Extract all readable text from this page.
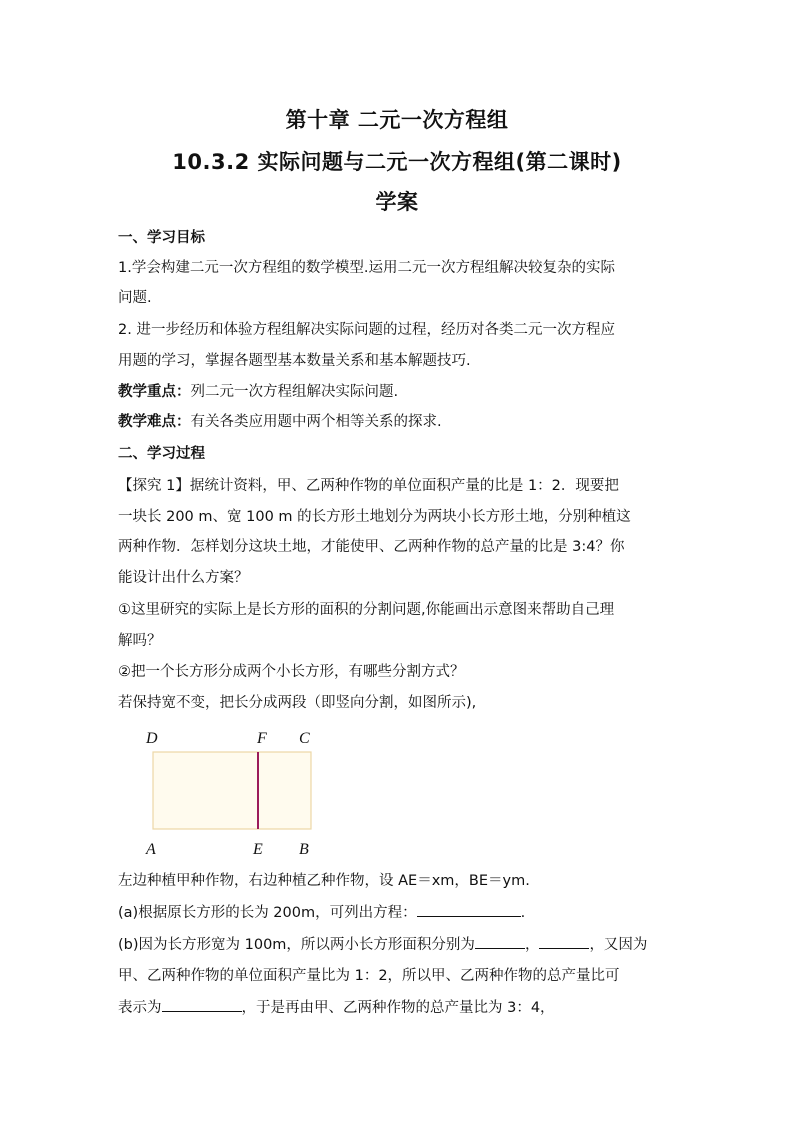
第十章 二元一次方程组
10.3.2 实际问题与二元一次方程组(第二课时)
学案
一、学习目标
1.学会构建二元一次方程组的数学模型.运用二元一次方程组解决较复杂的实际
问题.
2. 进一步经历和体验方程组解决实际问题的过程，经历对各类二元一次方程应
用题的学习，掌握各题型基本数量关系和基本解题技巧.
教学重点：列二元一次方程组解决实际问题.
教学难点：有关各类应用题中两个相等关系的探求.
二、学习过程
【探究 1】据统计资料，甲、乙两种作物的单位面积产量的比是 1：2．现要把
一块长 200 m、宽 100 m 的长方形土地划分为两块小长方形土地，分别种植这
两种作物．怎样划分这块土地，才能使甲、乙两种作物的总产量的比是 3:4？你
能设计出什么方案？
①这里研究的实际上是长方形的面积的分割问题,你能画出示意图来帮助自己理
解吗？
②把一个长方形分成两个小长方形，有哪些分割方式？
若保持宽不变，把长分成两段（即竖向分割，如图所示),
D	F C
A	E B
左边种植甲种作物，右边种植乙种作物，设 AE＝xm，BE＝ym.
(a)根据原长方形的长为 200m，可列出方程：	.
(b)因为长方形宽为 100m，所以两小长方形面积分别为	，	，又因为
甲、乙两种作物的单位面积产量比为 1：2，所以甲、乙两种作物的总产量比可
表示为	，于是再由甲、乙两种作物的总产量比为 3：4，
